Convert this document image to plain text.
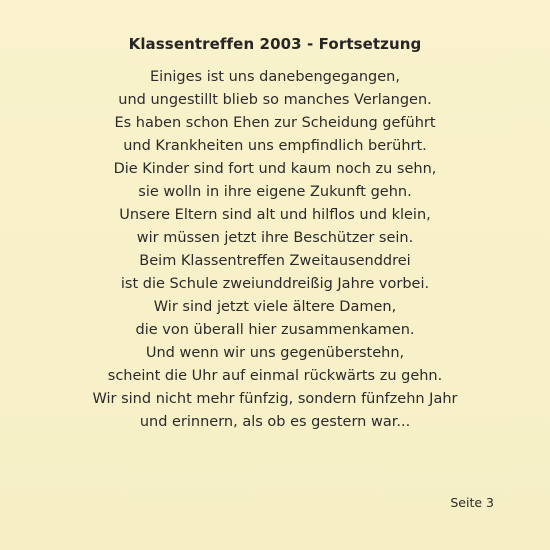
Klassentreffen 2003 - Fortsetzung
Einiges ist uns danebengegangen,
und ungestillt blieb so manches Verlangen.
Es haben schon Ehen zur Scheidung geführt
und Krankheiten uns empfindlich berührt.
Die Kinder sind fort und kaum noch zu sehn,
sie wolln in ihre eigene Zukunft gehn.
Unsere Eltern sind alt und hilflos und klein,
wir müssen jetzt ihre Beschützer sein.
Beim Klassentreffen Zweitausenddrei
ist die Schule zweiunddreißig Jahre vorbei.
Wir sind jetzt viele ältere Damen,
die von überall hier zusammenkamen.
Und wenn wir uns gegenüberstehn,
scheint die Uhr auf einmal rückwärts zu gehn.
Wir sind nicht mehr fünfzig, sondern fünfzehn Jahr
und erinnern, als ob es gestern war...
Seite 3
